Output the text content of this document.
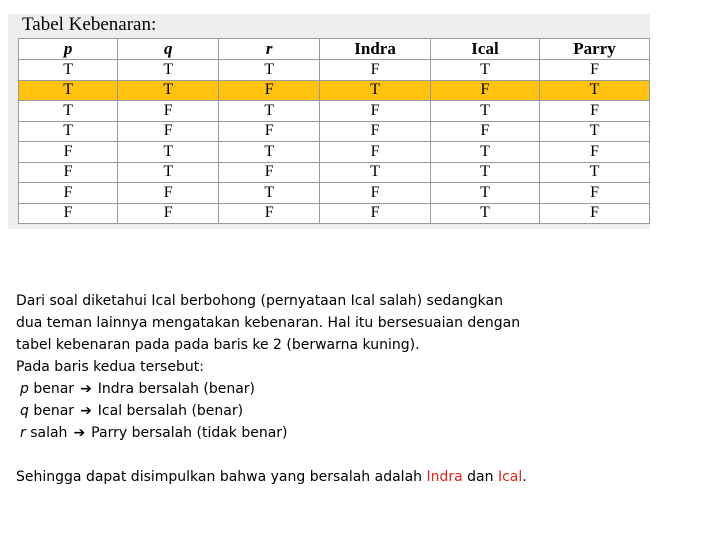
Tabel Kebenaran:
p	q	r	Indra	Ical	Parry
T	T	T	F	T	F
T	T	F	T	F	T
T	F	T	F	T	F
T	F	F	F	F	T
F	T	T	F	T	F
F	T	F	T	T	T
F	F	T	F	T	F
F	F	F	F	T	F

Dari soal diketahui Ical berbohong (pernyataan Ical salah) sedangkan

dua teman lainnya mengatakan kebenaran. Hal itu bersesuaian dengan

tabel kebenaran pada pada baris ke 2 (berwarna kuning).

Pada baris kedua tersebut:

p benar ➔ Indra bersalah (benar)

q benar ➔ Ical bersalah (benar)

r salah ➔ Parry bersalah (tidak benar)

Sehingga dapat disimpulkan bahwa yang bersalah adalah Indra dan Ical.
